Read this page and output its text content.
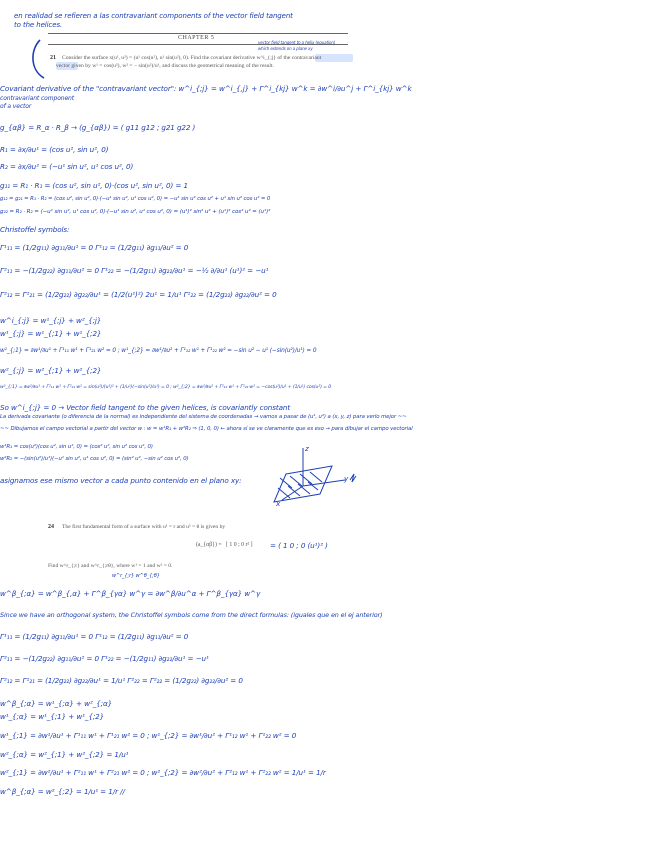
en realidad se refieren a las contravariant components of the vector field tangent
to the helices.
CHAPTER 5
vector field tangent to a helix (equation)
which extends on a plane xy
21 Consider the surface x(u¹, u²) = (u¹ cos(u²), u¹ sin(u²), 0). Find the covariant derivative w^i_{;j} of the contravariant
vector given by w¹ = cos(u²), w² = − sin(u²)/u¹, and discuss the geometrical meaning of the result.
Covariant derivative of the "contravariant vector": w^i_{;j} = w^i_{,j} + Γ^i_{kj} w^k = ∂w^i/∂u^j + Γ^i_{kj} w^k
contravariant component
of a vector
g_{αβ} = R_α · R_β → (g_{αβ}) = ( g11 g12 ; g21 g22 )
R₁ = ∂x/∂u¹ = (cos u², sin u², 0)
R₂ = ∂x/∂u² = (−u¹ sin u², u¹ cos u², 0)
g₁₁ = R₁ · R₁ = (cos u², sin u², 0)·(cos u², sin u², 0) = 1
g₁₂ = g₂₁ = R₁ · R₂ = (cos u², sin u², 0)·(−u¹ sin u², u¹ cos u², 0) = −u¹ sin u² cos u² + u¹ sin u² cos u² = 0
g₂₂ = R₂ · R₂ = (−u¹ sin u², u¹ cos u², 0)·(−u¹ sin u², u¹ cos u², 0) = (u¹)² sin² u² + (u¹)² cos² u² = (u¹)²
Christoffel symbols:
Γ¹₁₁ = (1/2g₁₁) ∂g₁₁/∂u¹ = 0 Γ¹₁₂ = (1/2g₁₁) ∂g₁₁/∂u² = 0
Γ²₁₁ = −(1/2g₂₂) ∂g₁₁/∂u² = 0 Γ¹₂₂ = −(1/2g₁₁) ∂g₂₂/∂u¹ = −½ ∂/∂u¹ (u¹)² = −u¹
Γ²₁₂ = Γ²₂₁ = (1/2g₂₂) ∂g₂₂/∂u¹ = (1/2(u¹)²) 2u¹ = 1/u¹ Γ²₂₂ = (1/2g₂₂) ∂g₂₂/∂u² = 0
w^i_{;j} = w¹_{;j} + w²_{;j}
w¹_{;j} = w¹_{;1} + w¹_{;2}
w¹_{;1} = ∂w¹/∂u¹ + Γ¹₁₁ w¹ + Γ¹₂₁ w² = 0 ; w¹_{;2} = ∂w¹/∂u² + Γ¹₁₂ w¹ + Γ¹₂₂ w² = −sin u² − u¹ (−sin(u²)/u¹) = 0
w²_{;j} = w²_{;1} + w²_{;2}
w²_{;1} = ∂w²/∂u¹ + Γ²₁₁ w¹ + Γ²₂₁ w² = sin(u²)/(u¹)² + (1/u¹)(−sin(u²)/u¹) = 0 ; w²_{;2} = ∂w²/∂u² + Γ²₁₂ w¹ + Γ²₂₂ w² = −cos(u²)/u¹ + (1/u¹) cos(u²) = 0
So w^i_{;j} = 0 → Vector field tangent to the given helices, is covariantly constant
La derivada covariante (o diferencia de la normal) es independiente del sistema de coordenadas → vamos a pasar de (u¹, u²) a (x, y, z) para verlo mejor ~~
~~ Dibujamos el campo vectorial a partir del vector w : w = w¹R₁ + w²R₂ ⇒ (1, 0, 0) ← ahora sí se ve claramente que es eso → para dibujar el campo vectorial
w¹R₁ = cos(u²)(cos u², sin u², 0) = (cos² u², sin u² cos u², 0)
w²R₂ = −(sin(u²)/u¹)(−u¹ sin u², u¹ cos u², 0) = (sin² u², −sin u² cos u², 0)
asignamos ese mismo vector a cada punto contenido en el plano xy:	y
x
z
24 The first fundamental form of a surface with u¹ = r and u² = θ is given by
(a_{αβ}) = [ 1 0 ; 0 r² ] = ( 1 0 ; 0 (u¹)² )
Find w^r_{;r} and w^r_{;rθ}, where w¹ = 1 and w² = 0.
w^r_{;r} w^θ_{;θ}
w^β_{;α} = w^β_{,α} + Γ^β_{γα} w^γ = ∂w^β/∂u^α + Γ^β_{γα} w^γ
Since we have an orthogonal system, the Christoffel symbols come from the direct formulas: (iguales que en el ej anterior)
Γ¹₁₁ = (1/2g₁₁) ∂g₁₁/∂u¹ = 0 Γ¹₁₂ = (1/2g₁₁) ∂g₁₁/∂u² = 0
Γ²₁₁ = −(1/2g₂₂) ∂g₁₁/∂u² = 0 Γ¹₂₂ = −(1/2g₁₁) ∂g₂₂/∂u¹ = −u¹
Γ²₁₂ = Γ²₂₁ = (1/2g₂₂) ∂g₂₂/∂u¹ = 1/u¹ Γ²₂₂ = Γ²₂₂ = (1/2g₂₂) ∂g₂₂/∂u² = 0
w^β_{;α} = w¹_{;α} + w²_{;α}
w¹_{;α} = w¹_{;1} + w¹_{;2}
w¹_{;1} = ∂w¹/∂u¹ + Γ¹₁₁ w¹ + Γ¹₂₁ w² = 0 ; w¹_{;2} = ∂w¹/∂u² + Γ¹₁₂ w¹ + Γ¹₂₂ w² = 0
w²_{;α} = w²_{;1} + w²_{;2} = 1/u¹
w²_{;1} = ∂w²/∂u¹ + Γ²₁₁ w¹ + Γ²₂₁ w² = 0 ; w²_{;2} = ∂w²/∂u² + Γ²₁₂ w¹ + Γ²₂₂ w² = 1/u¹ = 1/r
w^β_{;α} = w²_{;2} = 1/u¹ = 1/r //
